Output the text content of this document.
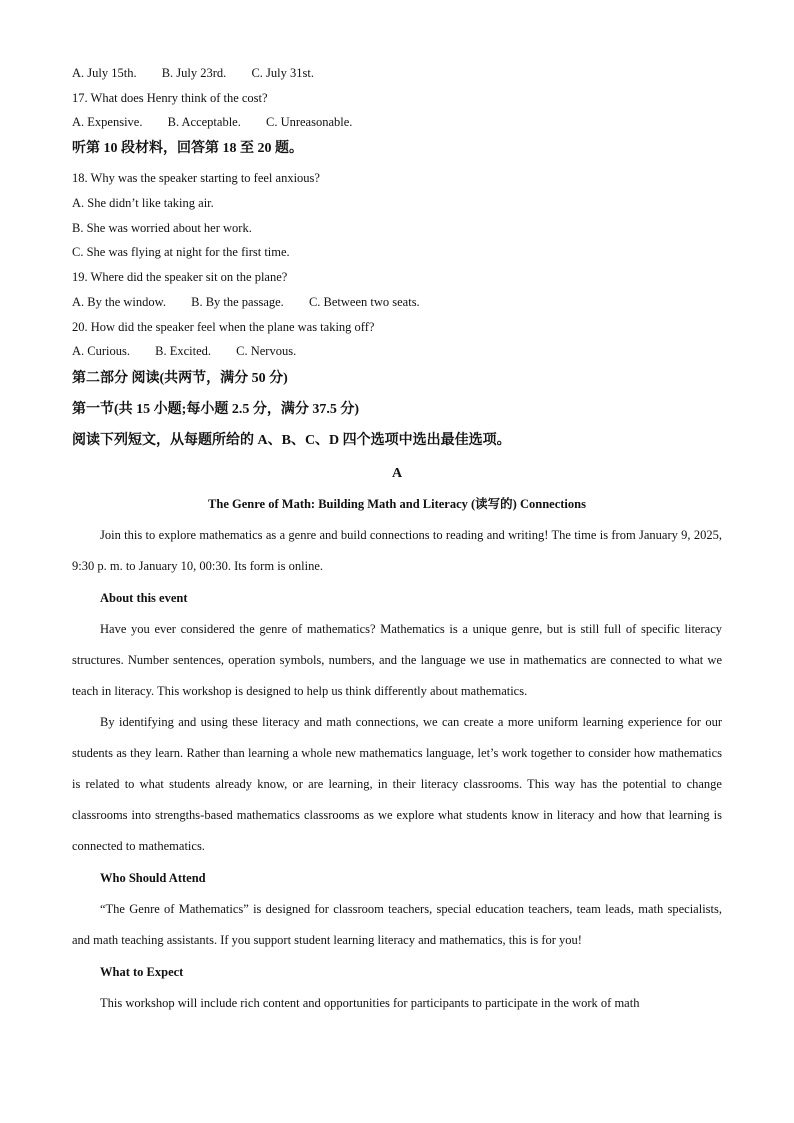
A. July 15th. B. July 23rd. C. July 31st.
17. What does Henry think of the cost?
A. Expensive. B. Acceptable. C. Unreasonable.
听第 10 段材料，回答第 18 至 20 题。
18. Why was the speaker starting to feel anxious?
A. She didn’t like taking air.
B. She was worried about her work.
C. She was flying at night for the first time.
19. Where did the speaker sit on the plane?
A. By the window. B. By the passage. C. Between two seats.
20. How did the speaker feel when the plane was taking off?
A. Curious. B. Excited. C. Nervous.
第二部分 阅读(共两节，满分 50 分)
第一节(共 15 小题;每小题 2.5 分，满分 37.5 分)
阅读下列短文，从每题所给的 A、B、C、D 四个选项中选出最佳选项。
A
The Genre of Math: Building Math and Literacy (读写的) Connections
Join this to explore mathematics as a genre and build connections to reading and writing! The time is from January 9, 2025, 9:30 p. m. to January 10, 00:30. Its form is online.
About this event
Have you ever considered the genre of mathematics? Mathematics is a unique genre, but is still full of specific literacy structures. Number sentences, operation symbols, numbers, and the language we use in mathematics are connected to what we teach in literacy. This workshop is designed to help us think differently about mathematics.
By identifying and using these literacy and math connections, we can create a more uniform learning experience for our students as they learn. Rather than learning a whole new mathematics language, let’s work together to consider how mathematics is related to what students already know, or are learning, in their literacy classrooms. This way has the potential to change classrooms into strengths-based mathematics classrooms as we explore what students know in literacy and how that learning is connected to mathematics.
Who Should Attend
“The Genre of Mathematics” is designed for classroom teachers, special education teachers, team leads, math specialists, and math teaching assistants. If you support student learning literacy and mathematics, this is for you!
What to Expect
This workshop will include rich content and opportunities for participants to participate in the work of math
